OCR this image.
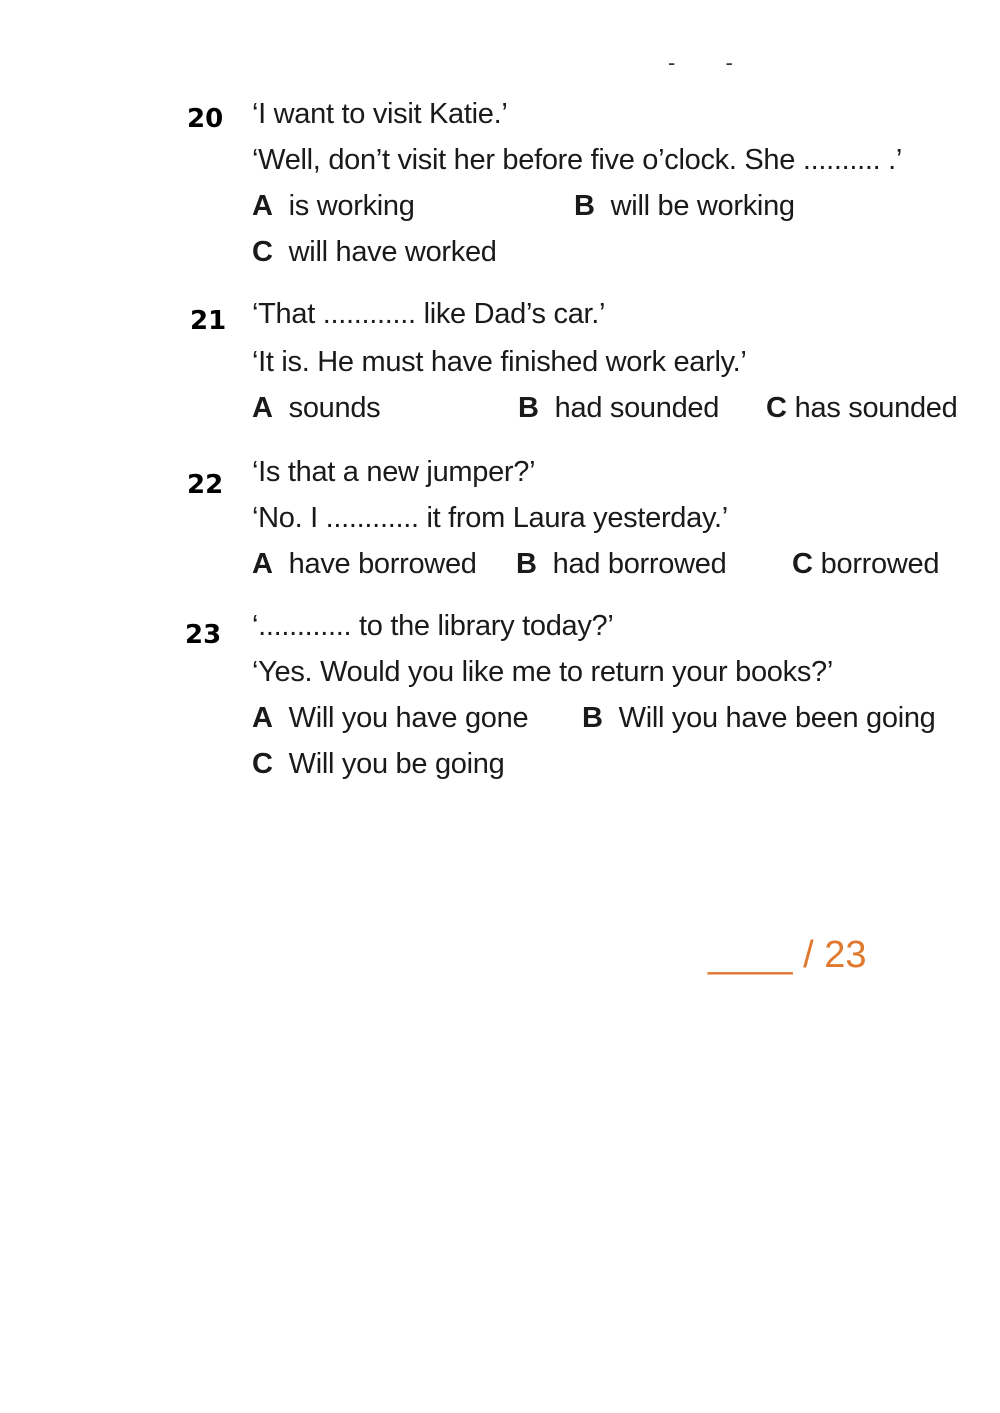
- -
20 ‘I want to visit Katie.’
‘Well, don’t visit her before five o’clock. She .......... .’
A is working	B will be working
C will have worked
21 ‘That ............ like Dad’s car.’
‘It is. He must have finished work early.’
A sounds	B had sounded C has sounded
22 ‘Is that a new jumper?’
‘No. I ............ it from Laura yesterday.’
A have borrowed B had borrowed C borrowed
23 ‘............ to the library today?’
‘Yes. Would you like me to return your books?’
A Will you have gone B Will you have been going
C Will you be going
____ / 23
